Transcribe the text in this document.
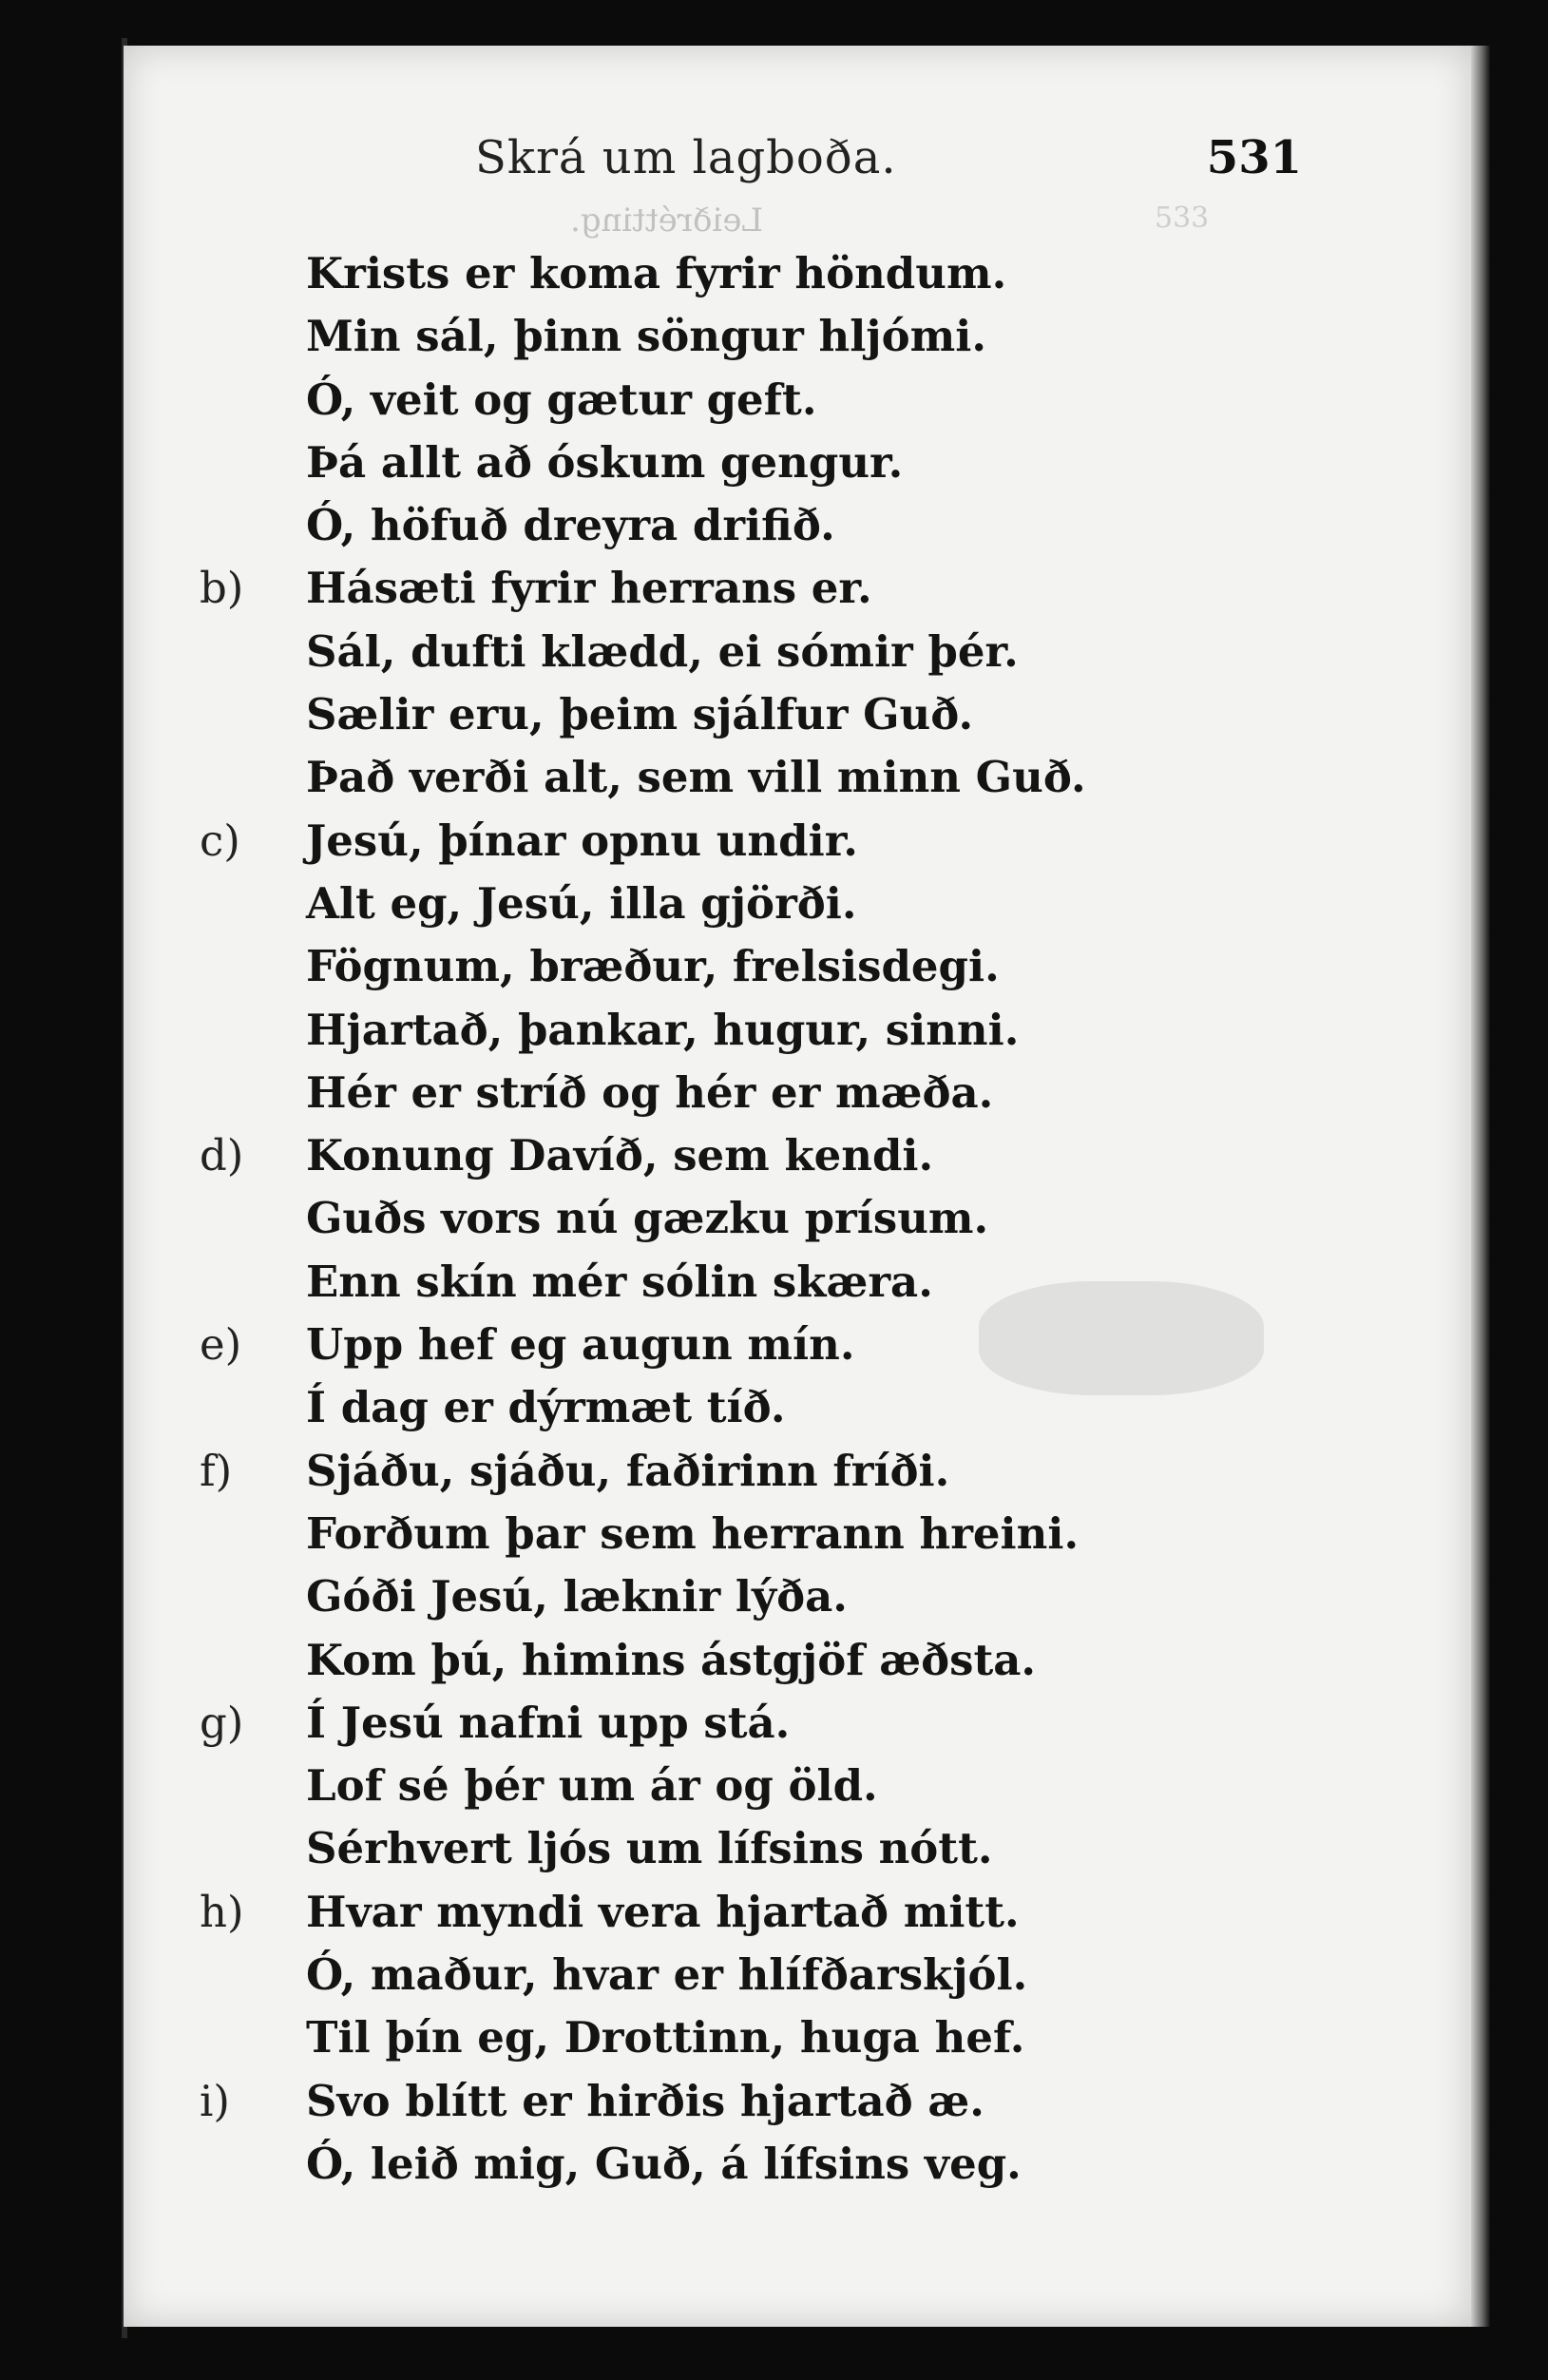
Skrá um lagboða.	531
Leiðrétting.	533
Krists er koma fyrir höndum.
Min sál, þinn söngur hljómi.
Ó, veit og gætur geft.
Þá allt að óskum gengur.
Ó, höfuð dreyra drifið.
b)	Hásæti fyrir herrans er.
Sál, dufti klædd, ei sómir þér.
Sælir eru, þeim sjálfur Guð.
Það verði alt, sem vill minn Guð.
c)	Jesú, þínar opnu undir.
Alt eg, Jesú, illa gjörði.
Fögnum, bræður, frelsisdegi.
Hjartað, þankar, hugur, sinni.
Hér er stríð og hér er mæða.
d)	Konung Davíð, sem kendi.
Guðs vors nú gæzku prísum.
Enn skín mér sólin skæra.
e)	Upp hef eg augun mín.
Í dag er dýrmæt tíð.
f)	Sjáðu, sjáðu, faðirinn fríði.
Forðum þar sem herrann hreini.
Góði Jesú, læknir lýða.
Kom þú, himins ástgjöf æðsta.
g)	Í Jesú nafni upp stá.
Lof sé þér um ár og öld.
Sérhvert ljós um lífsins nótt.
h)	Hvar myndi vera hjartað mitt.
Ó, maður, hvar er hlífðarskjól.
Til þín eg, Drottinn, huga hef.
i)	Svo blítt er hirðis hjartað æ.
Ó, leið mig, Guð, á lífsins veg.
